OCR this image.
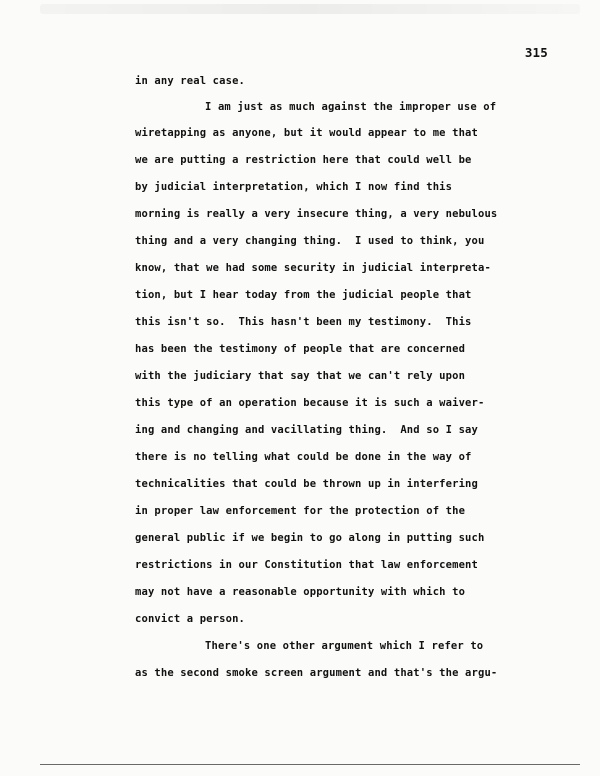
315
in any real case.
I am just as much against the improper use of
wiretapping as anyone, but it would appear to me that
we are putting a restriction here that could well be
by judicial interpretation, which I now find this
morning is really a very insecure thing, a very nebulous
thing and a very changing thing.  I used to think, you
know, that we had some security in judicial interpreta-
tion, but I hear today from the judicial people that
this isn't so.  This hasn't been my testimony.  This
has been the testimony of people that are concerned
with the judiciary that say that we can't rely upon
this type of an operation because it is such a waiver-
ing and changing and vacillating thing.  And so I say
there is no telling what could be done in the way of
technicalities that could be thrown up in interfering
in proper law enforcement for the protection of the
general public if we begin to go along in putting such
restrictions in our Constitution that law enforcement
may not have a reasonable opportunity with which to
convict a person.
There's one other argument which I refer to
as the second smoke screen argument and that's the argu-
